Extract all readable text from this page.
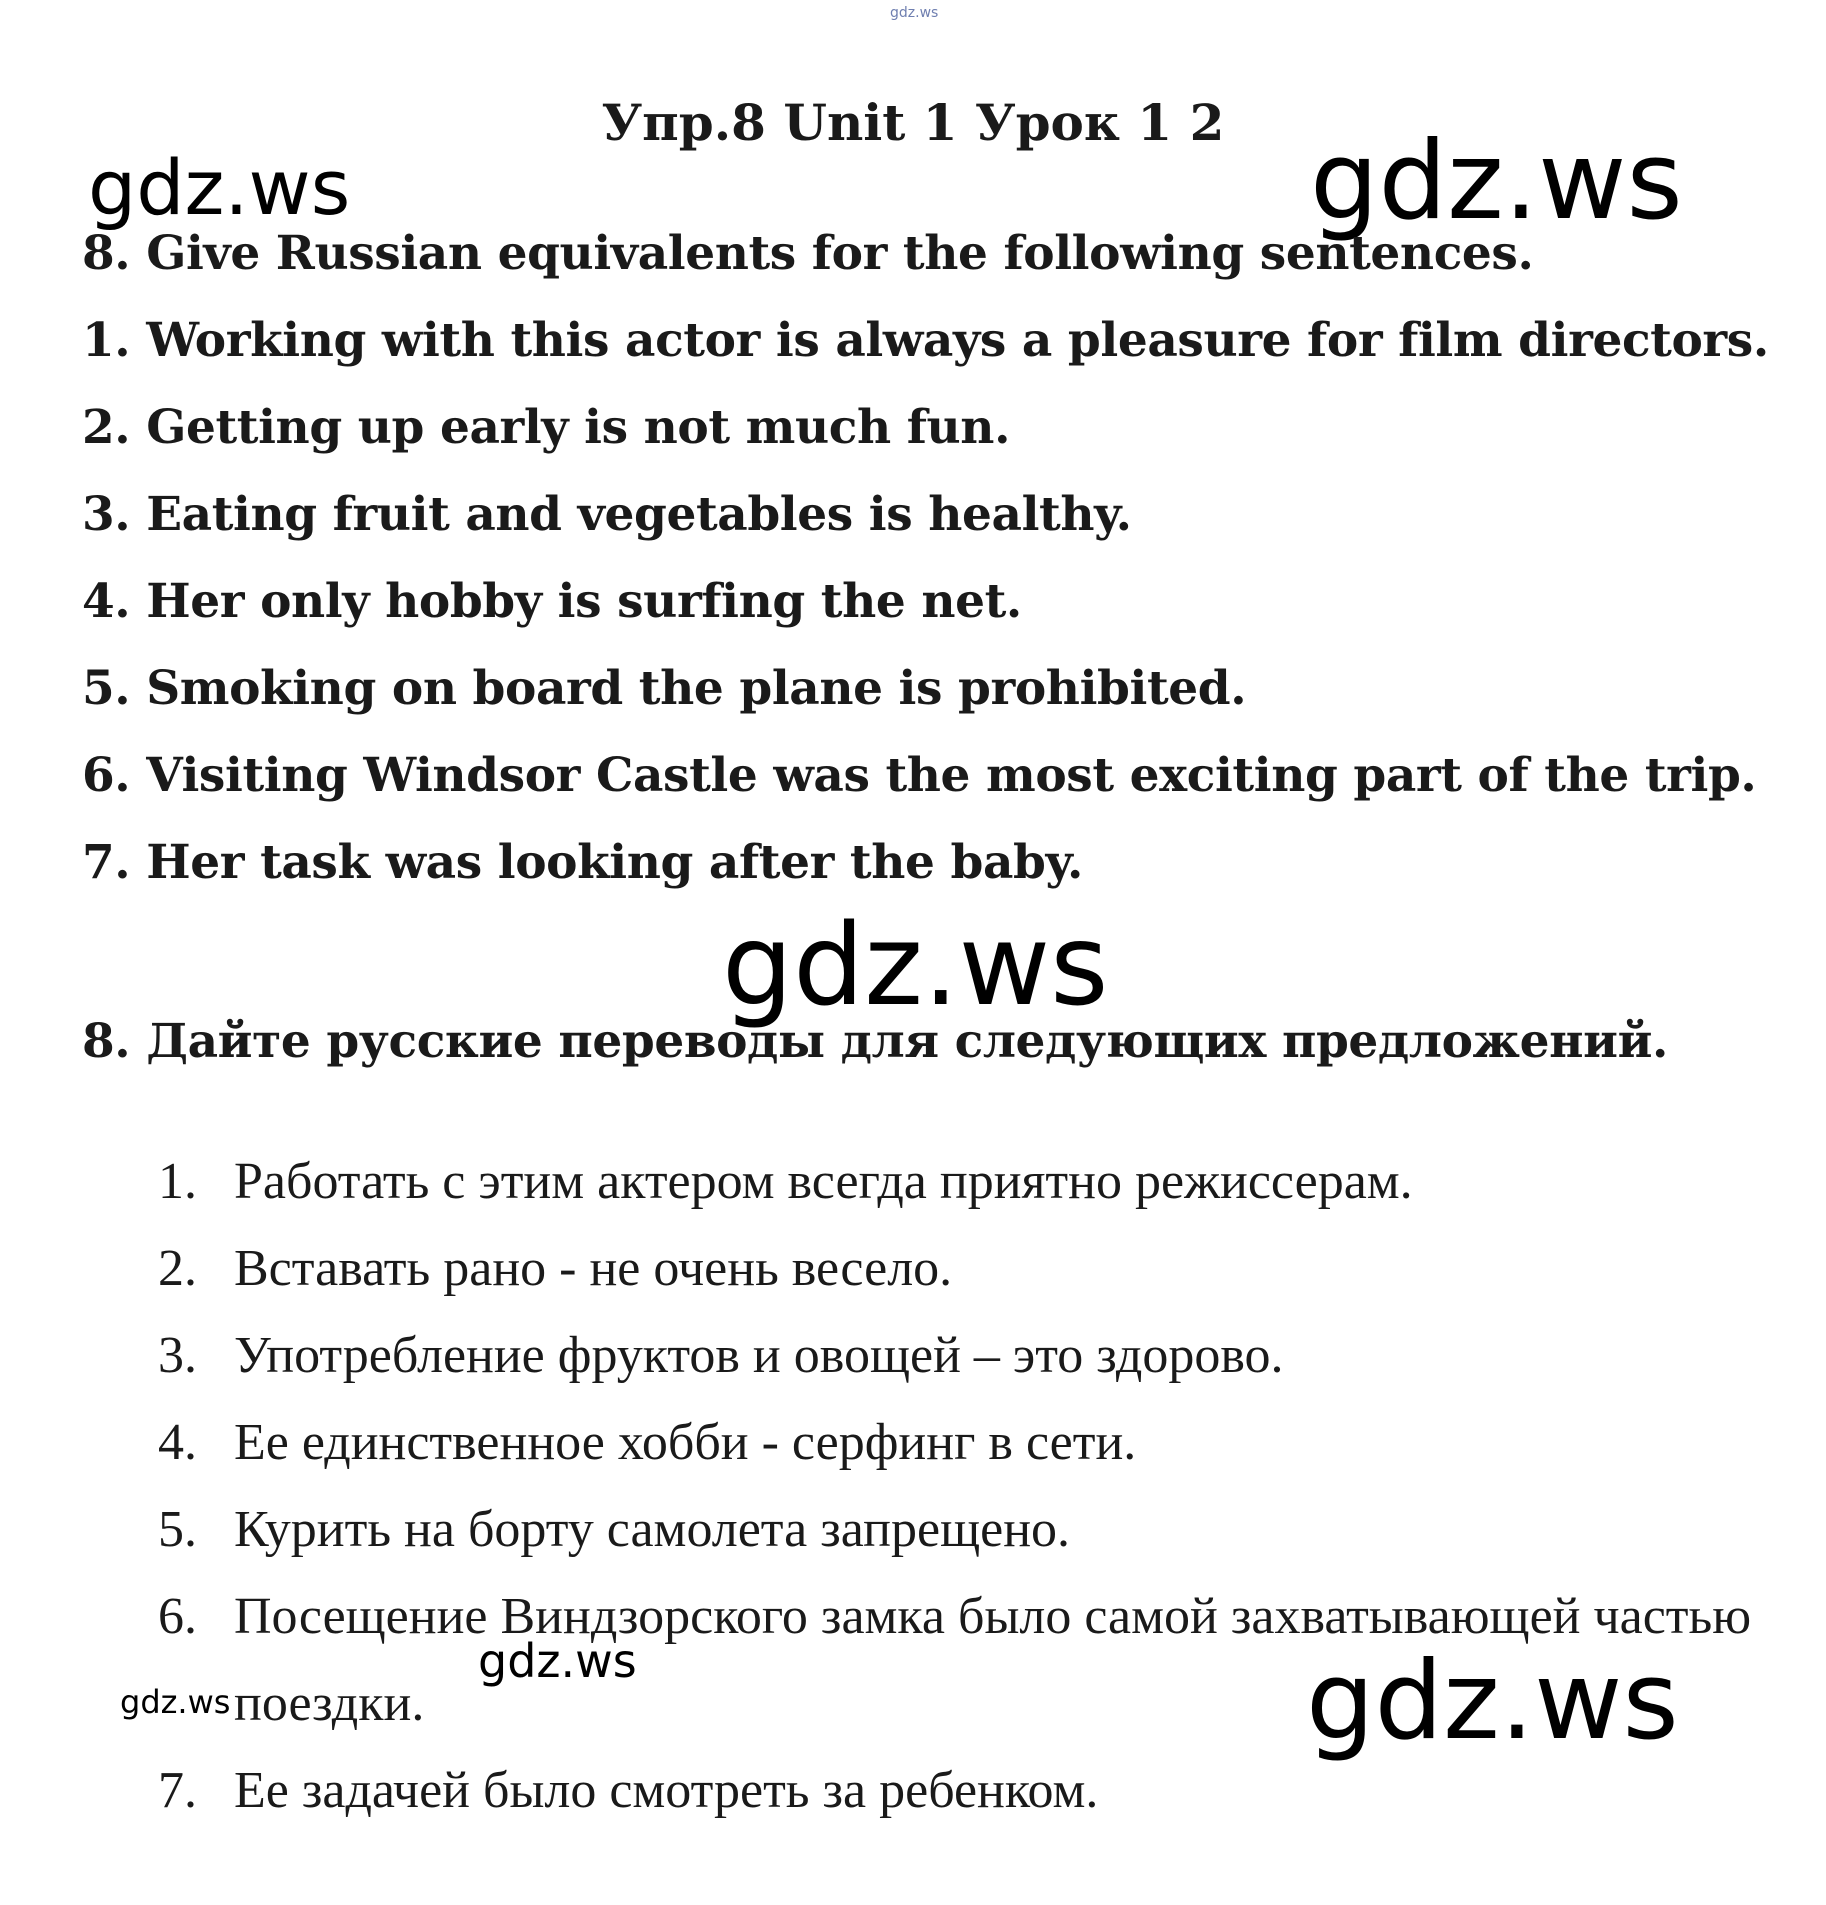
gdz.ws
Упр.8 Unit 1 Урок 1 2
gdz.ws	gdz.ws
8. Give Russian equivalents for the following sentences.
1. Working with this actor is always a pleasure for film directors.
2. Getting up early is not much fun.
3. Eating fruit and vegetables is healthy.
4. Her only hobby is surfing the net.
5. Smoking on board the plane is prohibited.
6. Visiting Windsor Castle was the most exciting part of the trip.
7. Her task was looking after the baby.
gdz.ws

8. Дайте русские переводы для следующих предложений.

1. Работать с этим актером всегда приятно режиссерам.
2. Вставать рано - не очень весело.
3. Употребление фруктов и овощей – это здорово.
4. Ее единственное хобби - серфинг в сети.
5. Курить на борту самолета запрещено.
6. Посещение Виндзорского замка было самой захватывающей частью поездки.
7. Ее задачей было смотреть за ребенком.
gdz.ws
gdz.ws	gdz.ws
